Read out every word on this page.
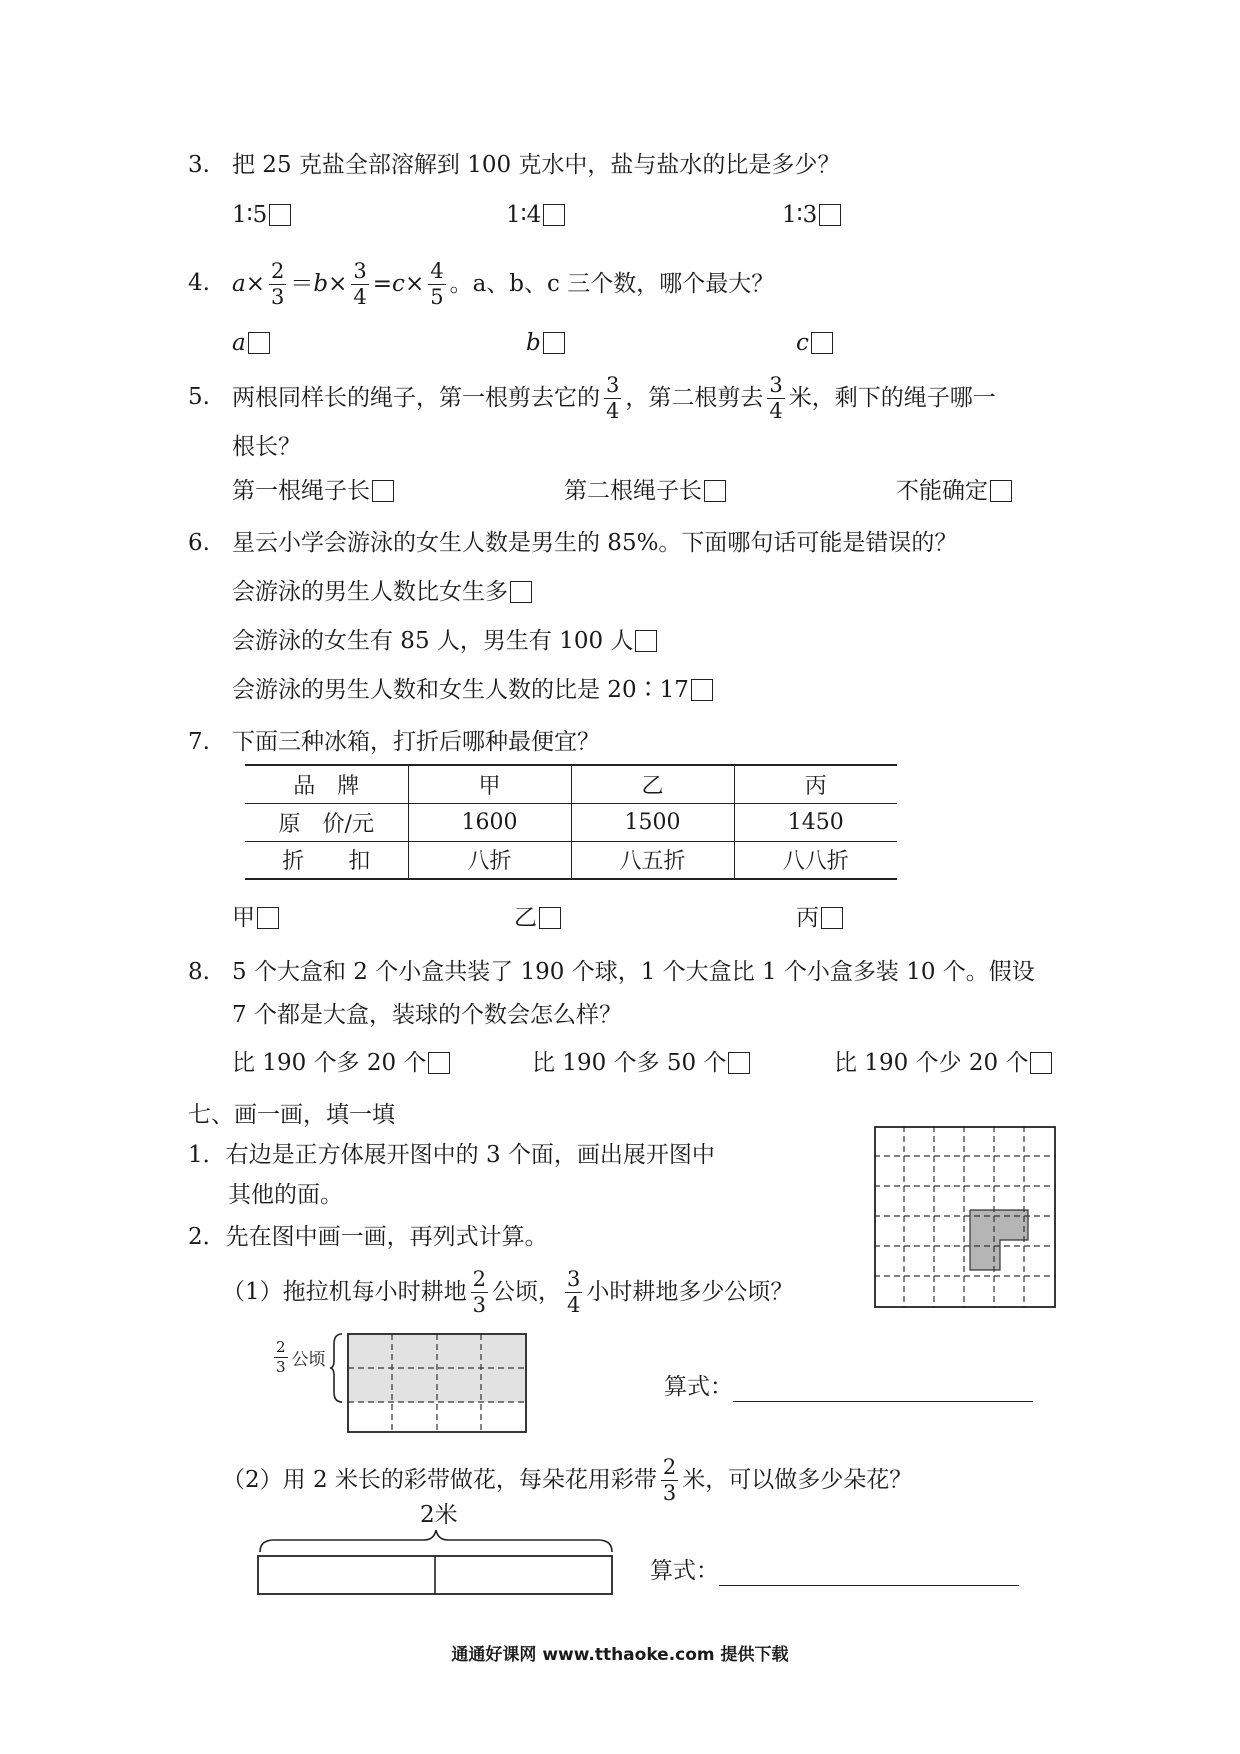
3. 把 25 克盐全部溶解到 100 克水中，盐与盐水的比是多少？
1∶5	1∶4	1∶3
4. $a \times \frac{2}{3} = b \times \frac{3}{4} = c \times \frac{4}{5}$ 。a、b、c 三个数，哪个最大？
a	b	c
5. 两根同样长的绳子，第一根剪去它的 $\frac{3}{4}$ ，第二根剪去 $\frac{3}{4}$ 米，剩下的绳子哪一
根长？
第一根绳子长	第二根绳子长	不能确定
6. 星云小学会游泳的女生人数是男生的 85%。下面哪句话可能是错误的？
会游泳的男生人数比女生多
会游泳的女生有 85 人，男生有 100 人
会游泳的男生人数和女生人数的比是 20∶17
7. 下面三种冰箱，打折后哪种最便宜？
品　牌	甲	乙	丙
原　价/元	1600	1500	1450
折　　扣	八折	八五折	八八折
甲	乙	丙
8. 5 个大盒和 2 个小盒共装了 190 个球，1 个大盒比 1 个小盒多装 10 个。假设
7 个都是大盒，装球的个数会怎么样？
比 190 个多 20 个	比 190 个多 50 个	比 190 个少 20 个
七、画一画，填一填
1．右边是正方体展开图中的 3 个面，画出展开图中
其他的面。
2．先在图中画一画，再列式计算。
（1）拖拉机每小时耕地 $\frac{2}{3}$ 公顷， $\frac{3}{4}$ 小时耕地多少公顷？
$\frac{2}{3}$ 公顷
算式：
（2）用 2 米长的彩带做花，每朵花用彩带 $\frac{2}{3}$ 米，可以做多少朵花？
2米
算式：
通通好课网 www.tthaoke.com 提供下载
